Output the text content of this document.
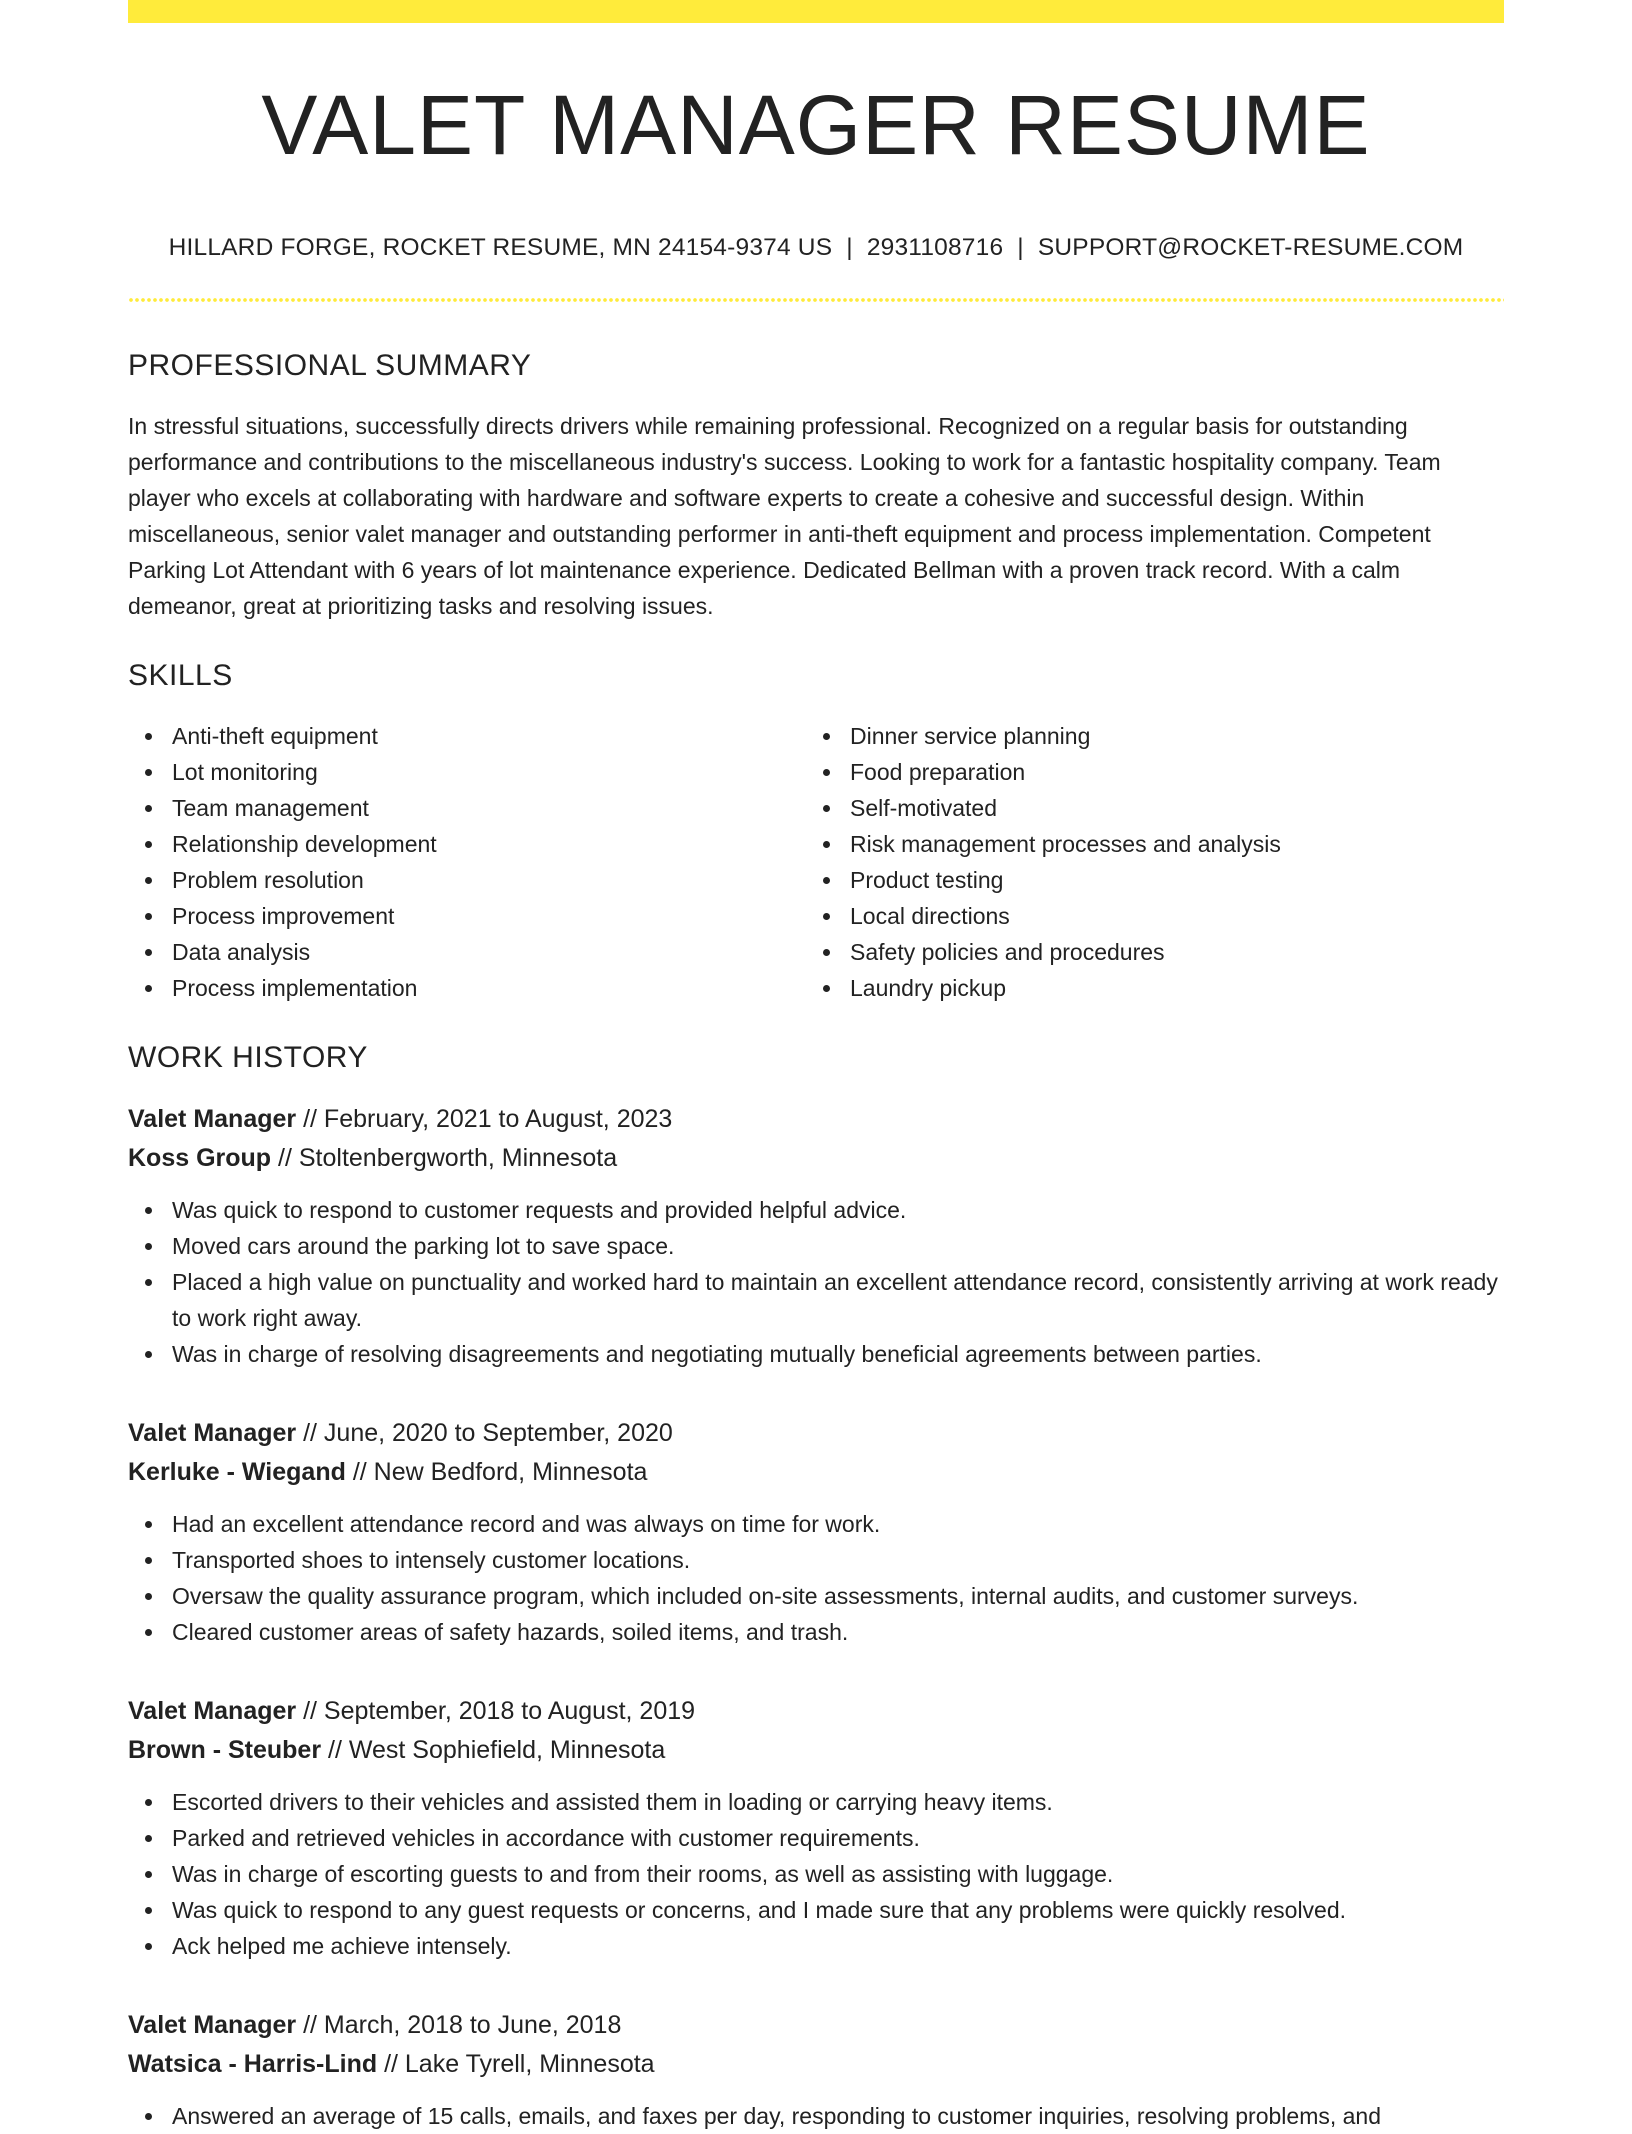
VALET MANAGER RESUME
HILLARD FORGE, ROCKET RESUME, MN 24154-9374 US | 2931108716 | SUPPORT@ROCKET-RESUME.COM
PROFESSIONAL SUMMARY

In stressful situations, successfully directs drivers while remaining professional. Recognized on a regular basis for outstanding performance and contributions to the miscellaneous industry's success. Looking to work for a fantastic hospitality company. Team player who excels at collaborating with hardware and software experts to create a cohesive and successful design. Within miscellaneous, senior valet manager and outstanding performer in anti-theft equipment and process implementation. Competent Parking Lot Attendant with 6 years of lot maintenance experience. Dedicated Bellman with a proven track record. With a calm demeanor, great at prioritizing tasks and resolving issues.

SKILLS
Anti-theft equipment
Lot monitoring
Team management
Relationship development
Problem resolution
Process improvement
Data analysis
Process implementation
Dinner service planning
Food preparation
Self-motivated
Risk management processes and analysis
Product testing
Local directions
Safety policies and procedures
Laundry pickup
WORK HISTORY
Valet Manager // February, 2021 to August, 2023
Koss Group // Stoltenbergworth, Minnesota
Was quick to respond to customer requests and provided helpful advice.
Moved cars around the parking lot to save space.
Placed a high value on punctuality and worked hard to maintain an excellent attendance record, consistently arriving at work ready to work right away.
Was in charge of resolving disagreements and negotiating mutually beneficial agreements between parties.
Valet Manager // June, 2020 to September, 2020
Kerluke - Wiegand // New Bedford, Minnesota
Had an excellent attendance record and was always on time for work.
Transported shoes to intensely customer locations.
Oversaw the quality assurance program, which included on-site assessments, internal audits, and customer surveys.
Cleared customer areas of safety hazards, soiled items, and trash.
Valet Manager // September, 2018 to August, 2019
Brown - Steuber // West Sophiefield, Minnesota
Escorted drivers to their vehicles and assisted them in loading or carrying heavy items.
Parked and retrieved vehicles in accordance with customer requirements.
Was in charge of escorting guests to and from their rooms, as well as assisting with luggage.
Was quick to respond to any guest requests or concerns, and I made sure that any problems were quickly resolved.
Ack helped me achieve intensely.
Valet Manager // March, 2018 to June, 2018
Watsica - Harris-Lind // Lake Tyrell, Minnesota
Answered an average of 15 calls, emails, and faxes per day, responding to customer inquiries, resolving problems, and
